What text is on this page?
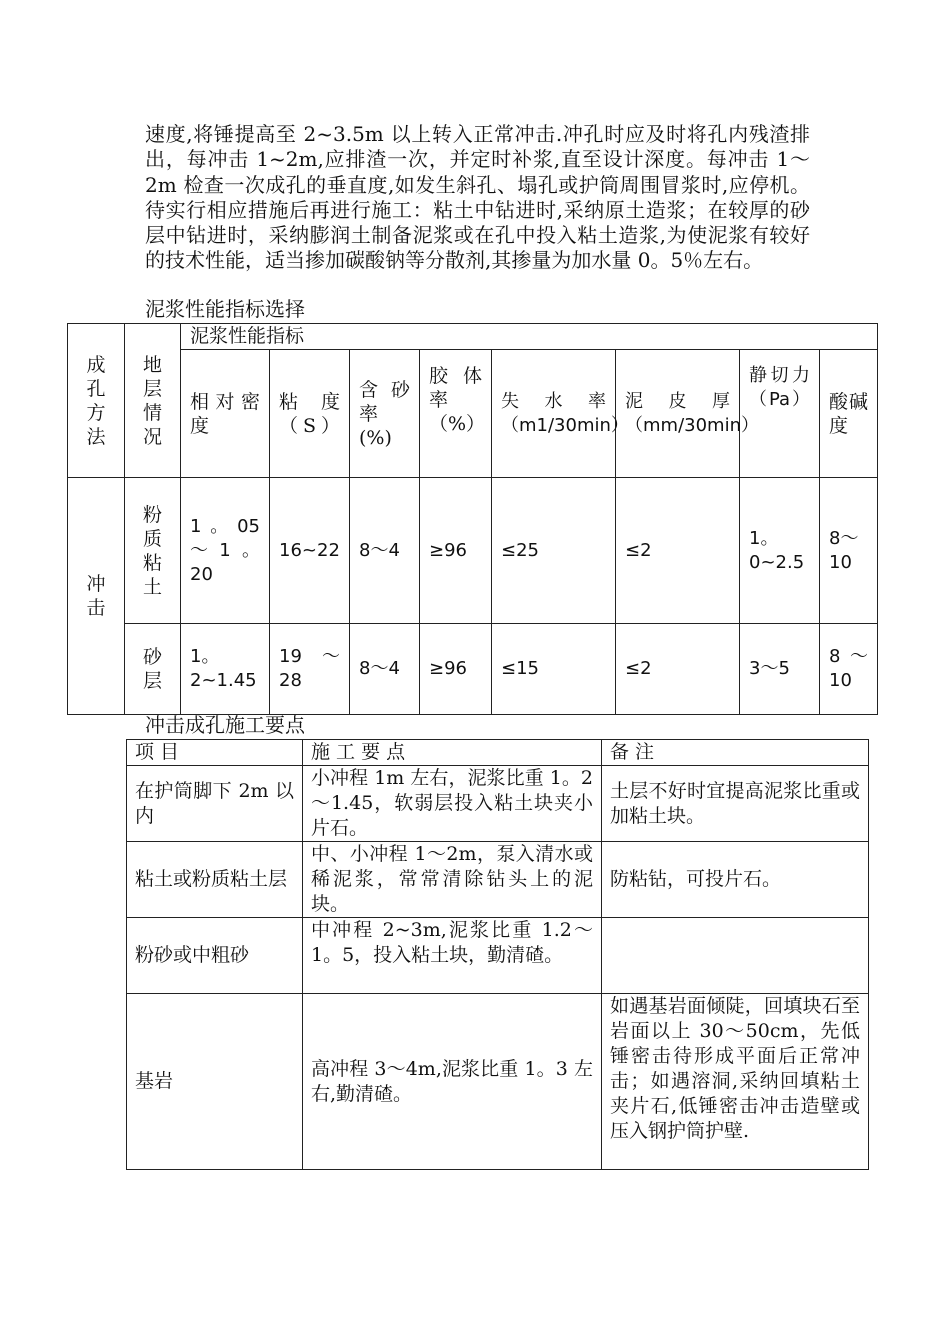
速度,将锤提高至 2~3.5m 以上转入正常冲击.冲孔时应及时将孔内残渣排出，每冲击 1~2m,应排渣一次，并定时补浆,直至设计深度。每冲击 1～2m 检查一次成孔的垂直度,如发生斜孔、塌孔或护筒周围冒浆时,应停机。待实行相应措施后再进行施工：粘土中钻进时,采纳原土造浆；在较厚的砂层中钻进时，采纳膨润土制备泥浆或在孔中投入粘土造浆,为使泥浆有较好的技术性能，适当掺加碳酸钠等分散剂,其掺量为加水量 0。5％左右。

泥浆性能指标选择

成孔方法	地层情况	泥浆性能指标							
		相对密度	粘 度（S）	含砂率(%)	胶体率（%）	失水率（m1/30min）	泥皮厚（mm/30min）	静切力（Pa）	酸碱度
冲击	粉质粘土	1。05～1。20	16~22	8～4	≥96	≤25	≤2	1。0~2.5	8～10
	砂层	1。2~1.45	19～28	8～4	≥96	≤15	≤2	3～5	8～10

冲击成孔施工要点

项 目	施 工 要 点	备 注
在护筒脚下 2m 以内	小冲程 1m 左右，泥浆比重 1。2～1.45，软弱层投入粘土块夹小片石。	土层不好时宜提高泥浆比重或加粘土块。
粘土或粉质粘土层	中、小冲程 1～2m，泵入清水或稀泥浆，常常清除钻头上的泥块。	防粘钻，可投片石。
粉砂或中粗砂	中冲程 2~3m,泥浆比重 1.2～1。5，投入粘土块，勤清碴。	
基岩	高冲程 3～4m,泥浆比重 1。3 左右,勤清碴。	如遇基岩面倾陡，回填块石至岩面以上 30～50cm，先低锤密击待形成平面后正常冲击；如遇溶洞,采纳回填粘土夹片石,低锤密击冲击造壁或压入钢护筒护壁.
